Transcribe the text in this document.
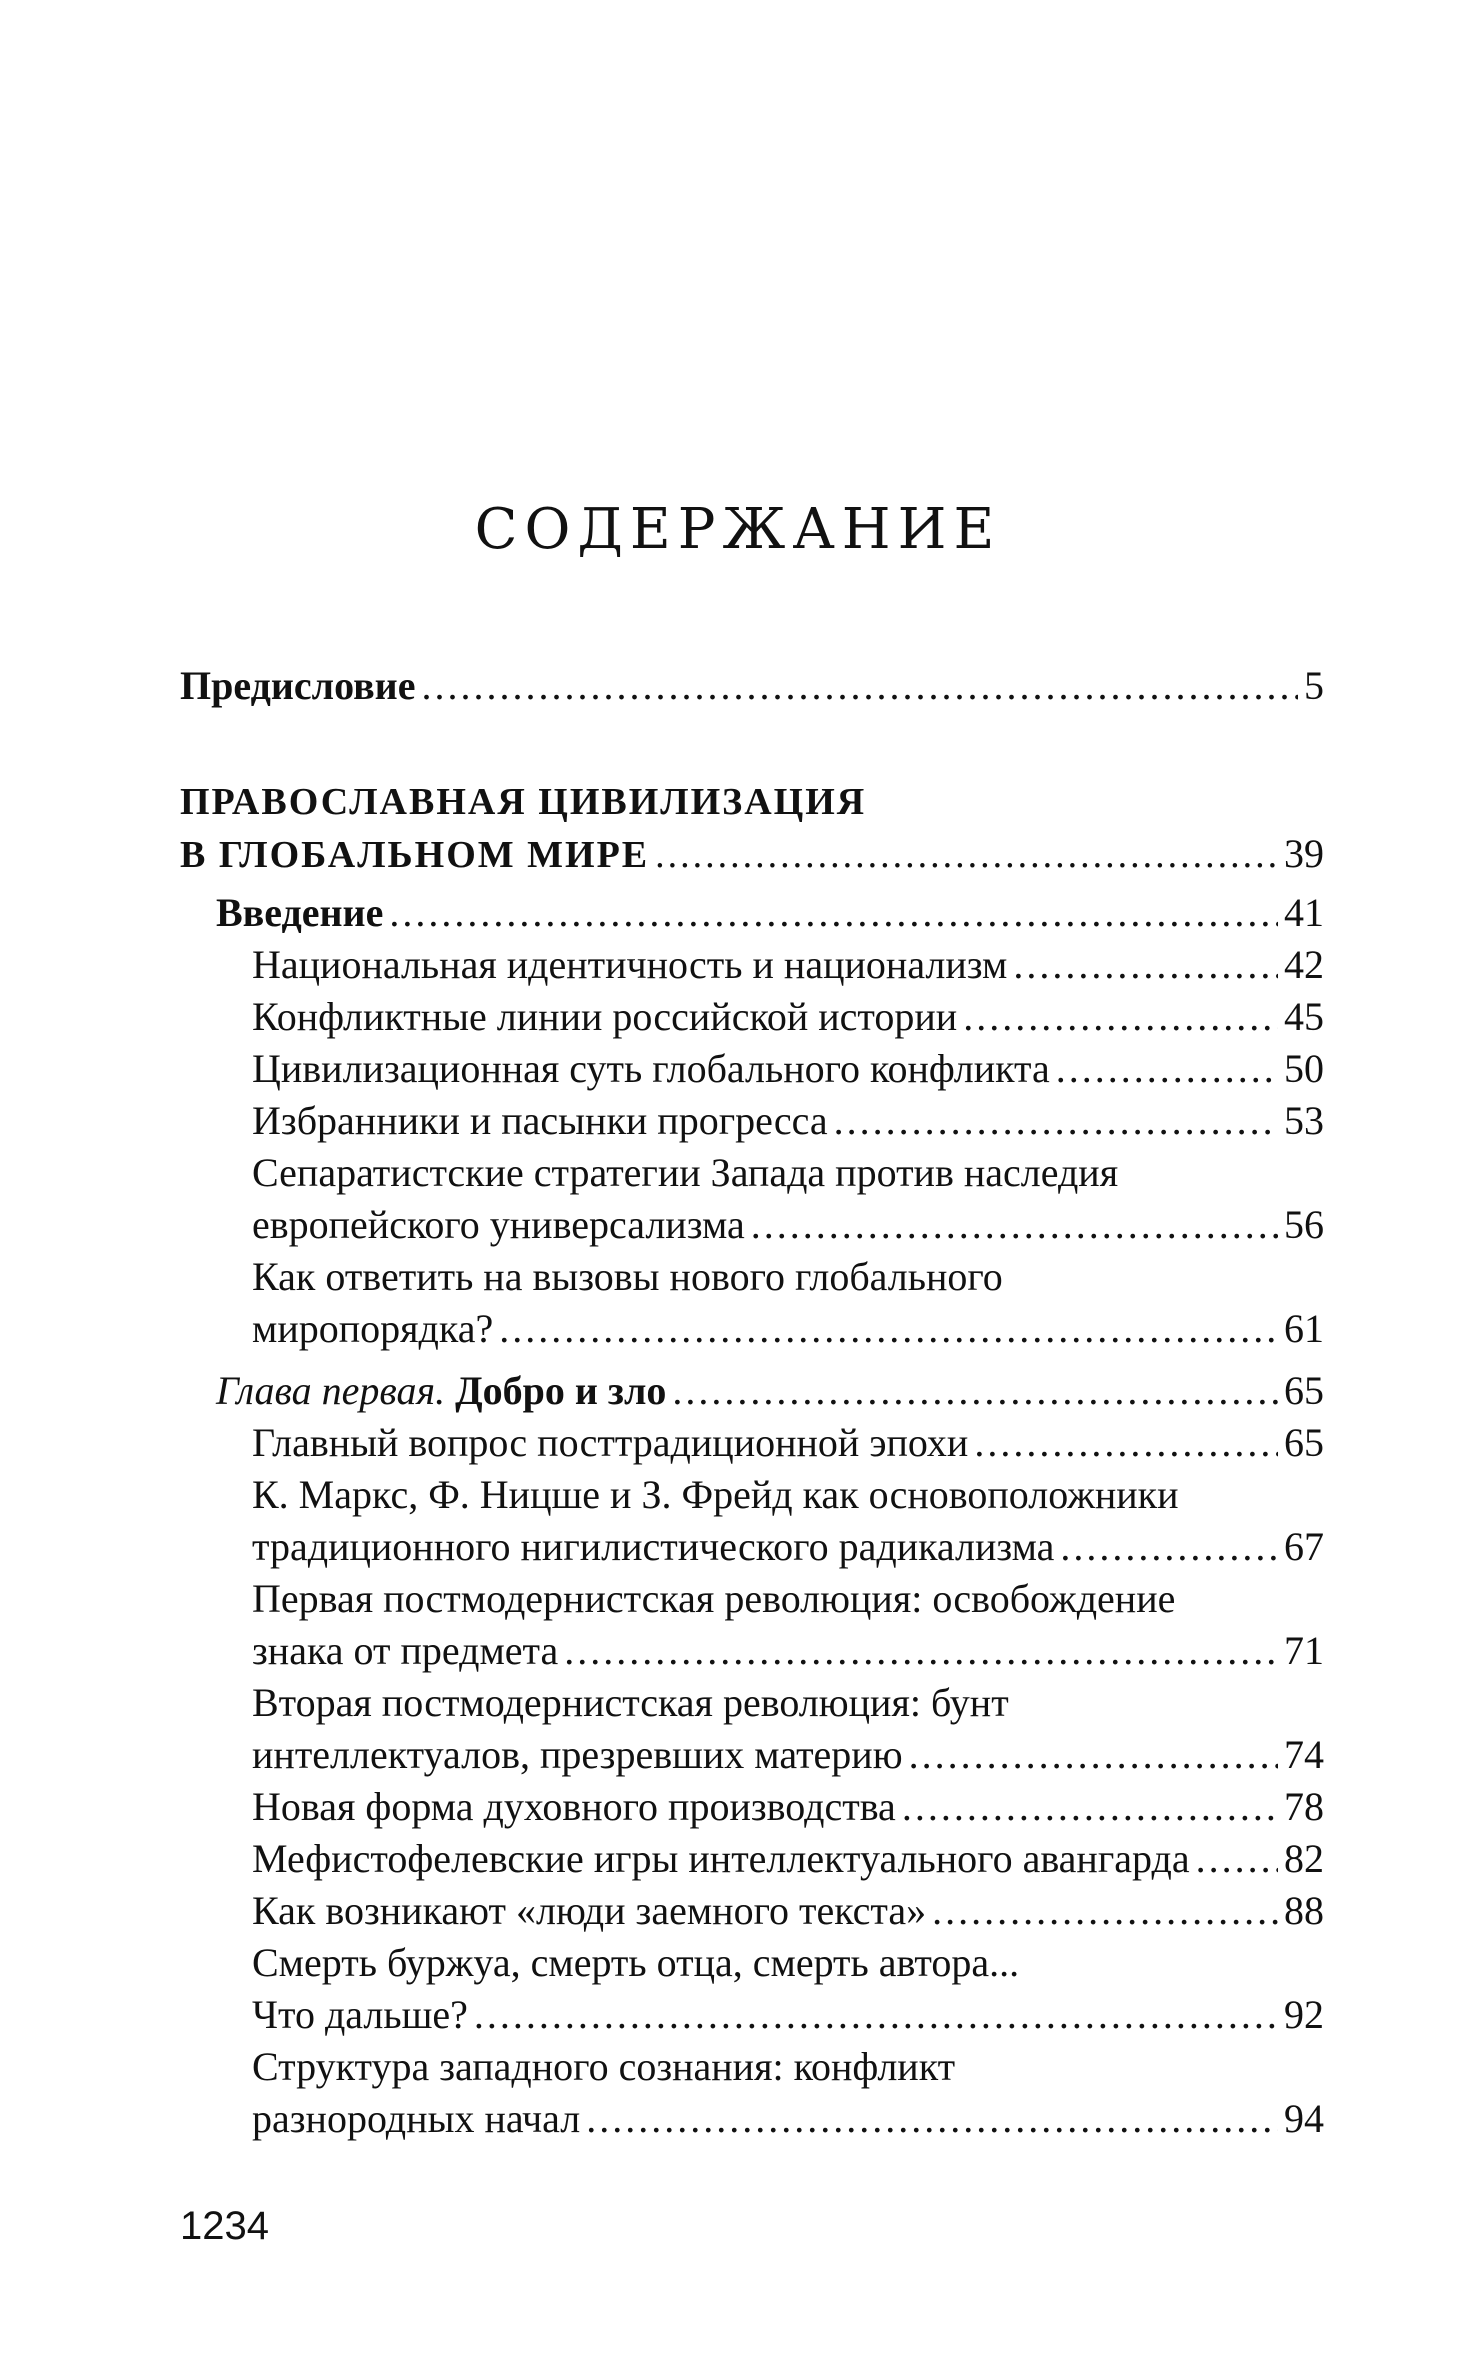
СОДЕРЖАНИЕ
Предисловие .....	5
ПРАВОСЛАВНАЯ ЦИВИЛИЗАЦИЯ
В ГЛОБАЛЬНОМ МИРЕ .....	39
Введение .....	41
Национальная идентичность и национализм .....	42
Конфликтные линии российской истории .....	45
Цивилизационная суть глобального конфликта .....	50
Избранники и пасынки прогресса .....	53
Сепаратистские стратегии Запада против наследия
европейского универсализма .....	56
Как ответить на вызовы нового глобального
миропорядка? .....	61
Глава первая. Добро и зло .....	65
Главный вопрос посттрадиционной эпохи .....	65
К. Маркс, Ф. Ницше и З. Фрейд как основоположники
традиционного нигилистического радикализма .....	67
Первая постмодернистская революция: освобождение
знака от предмета .....	71
Вторая постмодернистская революция: бунт
интеллектуалов, презревших материю .....	74
Новая форма духовного производства .....	78
Мефистофелевские игры интеллектуального авангарда ..... 82
Как возникают «люди заемного текста» .....	88
Смерть буржуа, смерть отца, смерть автора...
Что дальше? .....	92
Структура западного сознания: конфликт
разнородных начал .....	94
1234
